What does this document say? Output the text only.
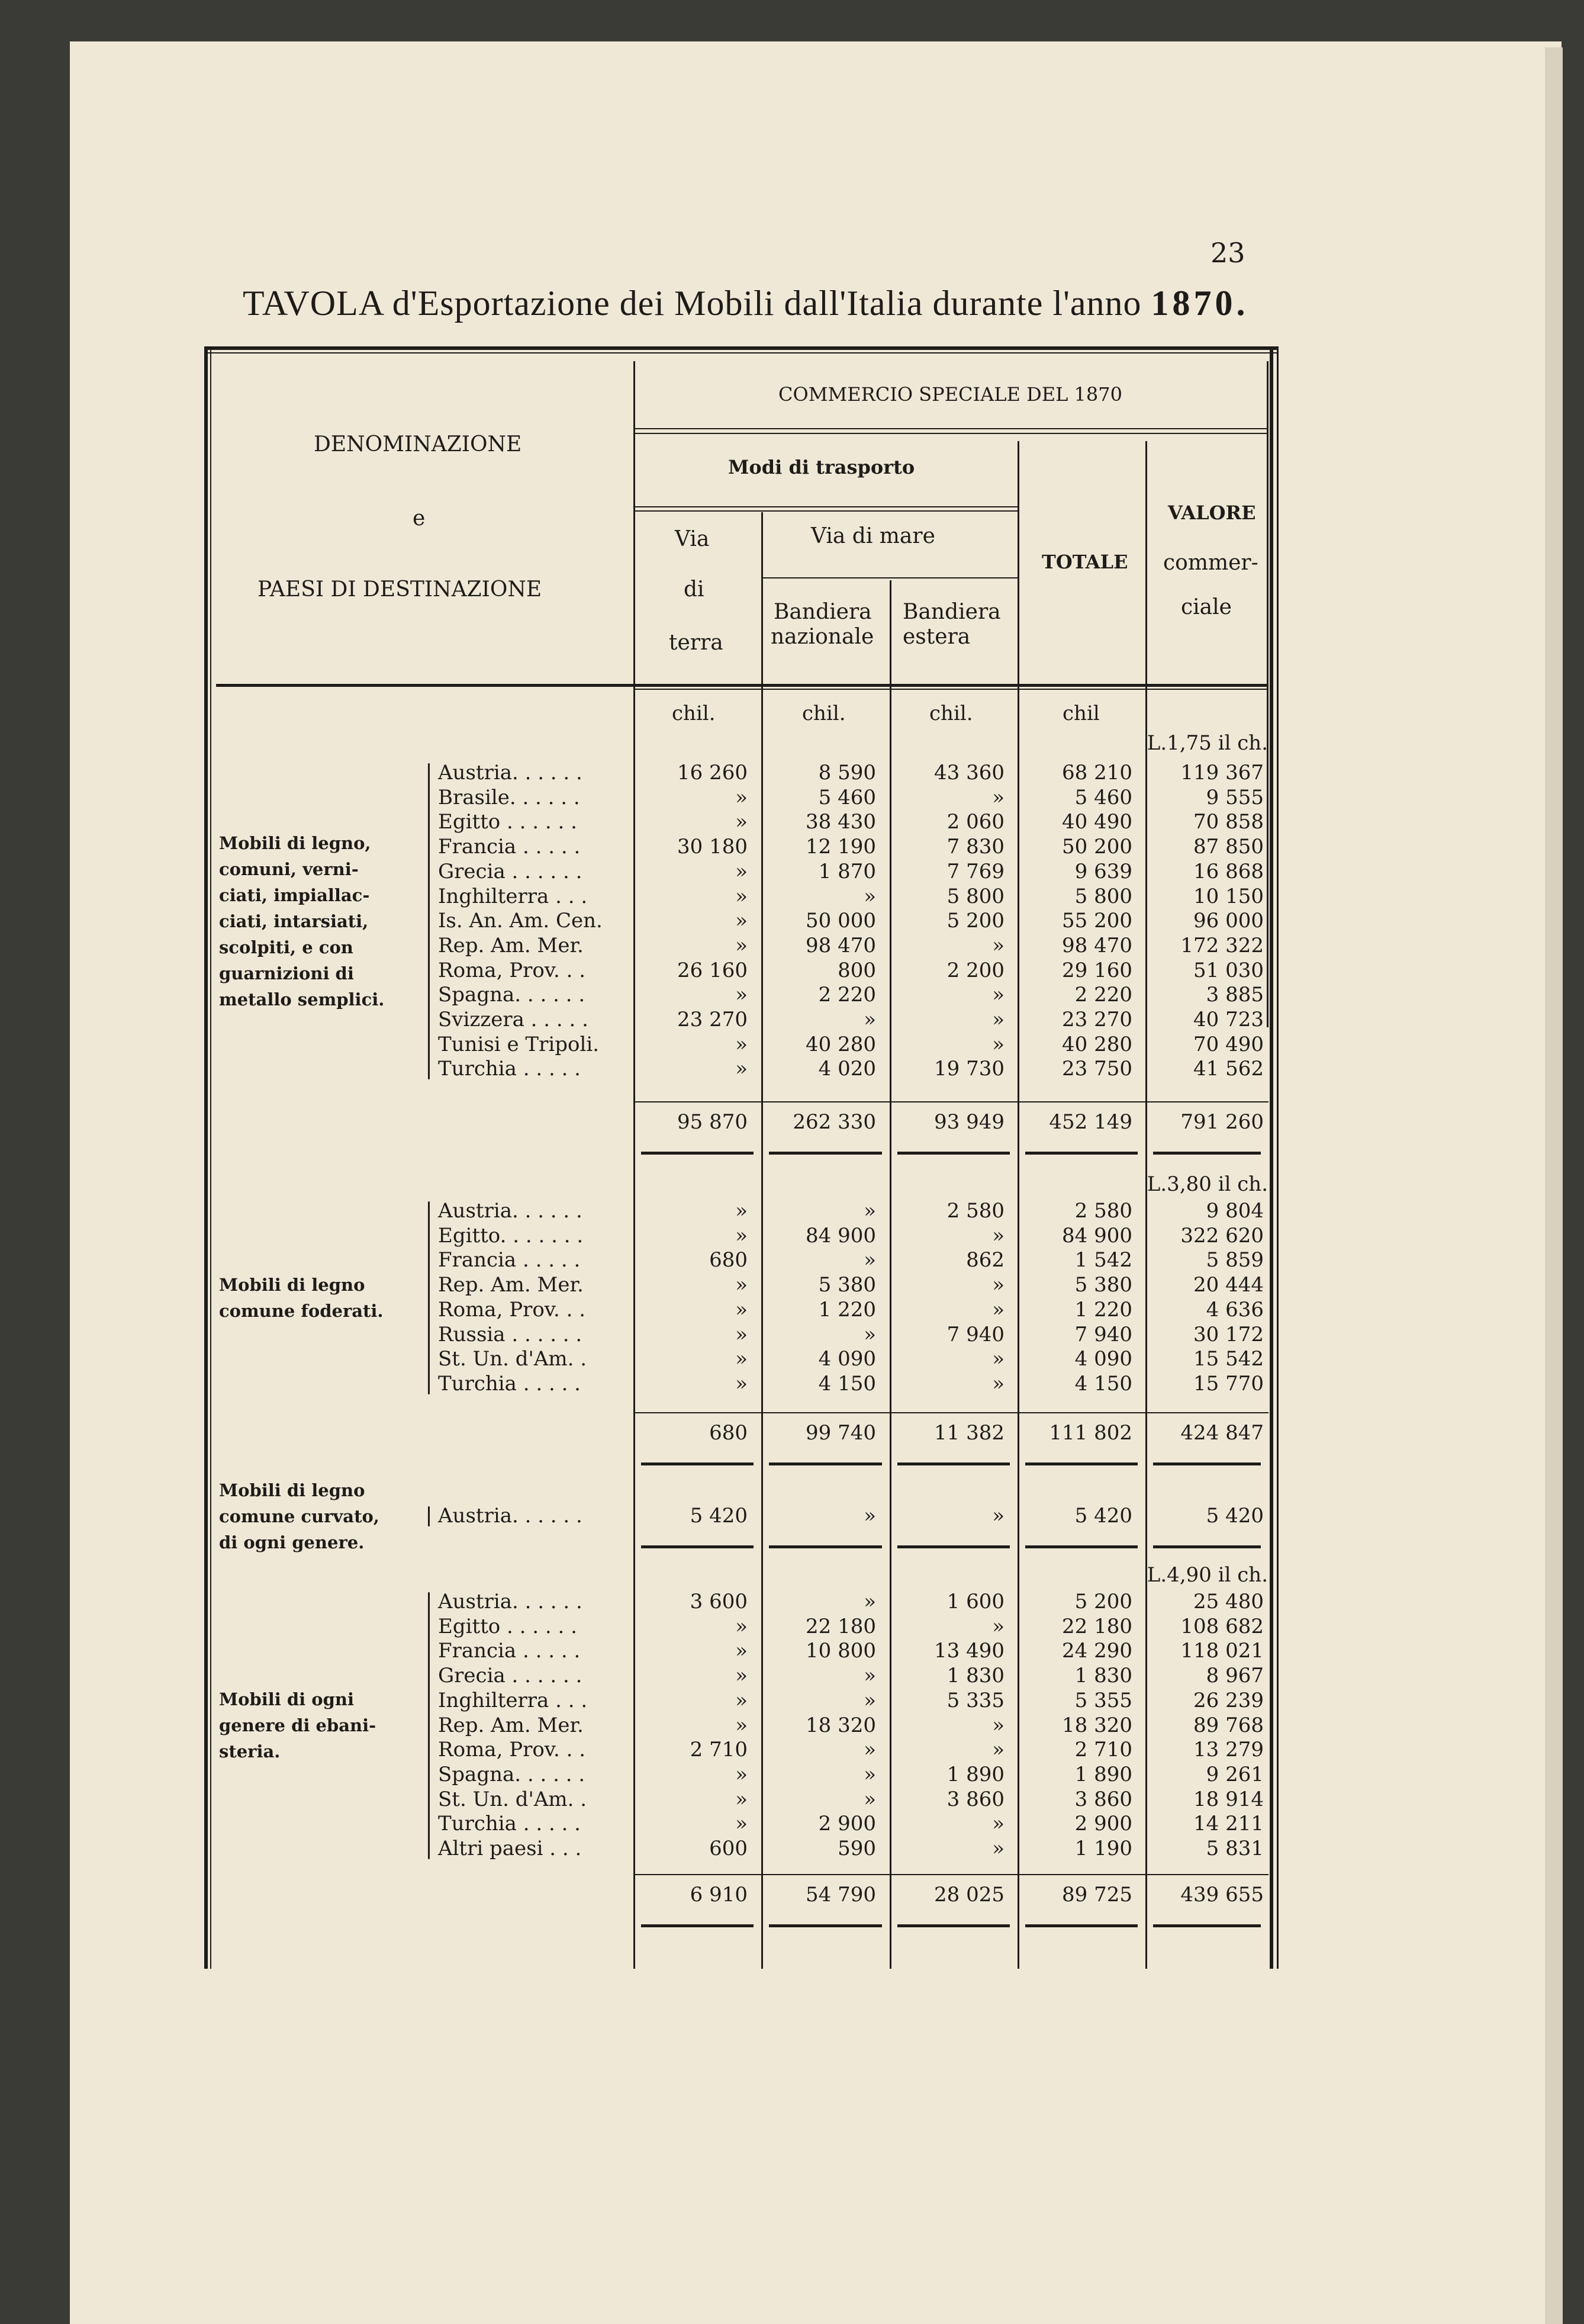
23
TAVOLA d'Esportazione dei Mobili dall'Italia durante l'anno 1870.
DENOMINAZIONE
e
PAESI DI DESTINAZIONE
COMMERCIO SPECIALE DEL 1870
Modi di trasporto
Via
di
terra
Via di mare
Bandiera
nazionale
Bandiera
estera
TOTALE
VALORE
commer-
ciale
chil.	chil.	chil.	chil
Mobili di legno,
comuni, verni-
ciati, impiallac-
ciati, intarsiati,
scolpiti, e con
guarnizioni di
metallo semplici.
L.1,75 il ch.
Austria. . . . . .	16 260	8 590	43 360	68 210	119 367
Brasile. . . . . .	»	5 460	»	5 460	9 555
Egitto . . . . . .	»	38 430	2 060	40 490	70 858
Francia . . . . .	30 180	12 190	7 830	50 200	87 850
Grecia . . . . . .	»	1 870	7 769	9 639	16 868
Inghilterra . . .	»	»	5 800	5 800	10 150
Is. An. Am. Cen.	»	50 000	5 200	55 200	96 000
Rep. Am. Mer.	»	98 470	»	98 470	172 322
Roma, Prov. . .	26 160	800	2 200	29 160	51 030
Spagna. . . . . .	»	2 220	»	2 220	3 885
Svizzera . . . . .	23 270	»	»	23 270	40 723
Tunisi e Tripoli.	»	40 280	»	40 280	70 490
Turchia . . . . .	»	4 020	19 730	23 750	41 562
95 870	262 330	93 949	452 149	791 260
Mobili di legno
comune foderati.
L.3,80 il ch.
Austria. . . . . .	»	»	2 580	2 580	9 804
Egitto. . . . . . .	»	84 900	»	84 900	322 620
Francia . . . . .	680	»	862	1 542	5 859
Rep. Am. Mer.	»	5 380	»	5 380	20 444
Roma, Prov. . .	»	1 220	»	1 220	4 636
Russia . . . . . .	»	»	7 940	7 940	30 172
St. Un. d'Am. .	»	4 090	»	4 090	15 542
Turchia . . . . .	»	4 150	»	4 150	15 770
680	99 740	11 382	111 802	424 847
Mobili di legno
comune curvato,
di ogni genere.
Austria. . . . . .	5 420	»	»	5 420	5 420
Mobili di ogni
genere di ebani-
steria.
L.4,90 il ch.
Austria. . . . . .	3 600	»	1 600	5 200	25 480
Egitto . . . . . .	»	22 180	»	22 180	108 682
Francia . . . . .	»	10 800	13 490	24 290	118 021
Grecia . . . . . .	»	»	1 830	1 830	8 967
Inghilterra . . .	»	»	5 335	5 355	26 239
Rep. Am. Mer.	»	18 320	»	18 320	89 768
Roma, Prov. . .	2 710	»	»	2 710	13 279
Spagna. . . . . .	»	»	1 890	1 890	9 261
St. Un. d'Am. .	»	»	3 860	3 860	18 914
Turchia . . . . .	»	2 900	»	2 900	14 211
Altri paesi . . .	600	590	»	1 190	5 831
6 910	54 790	28 025	89 725	439 655
